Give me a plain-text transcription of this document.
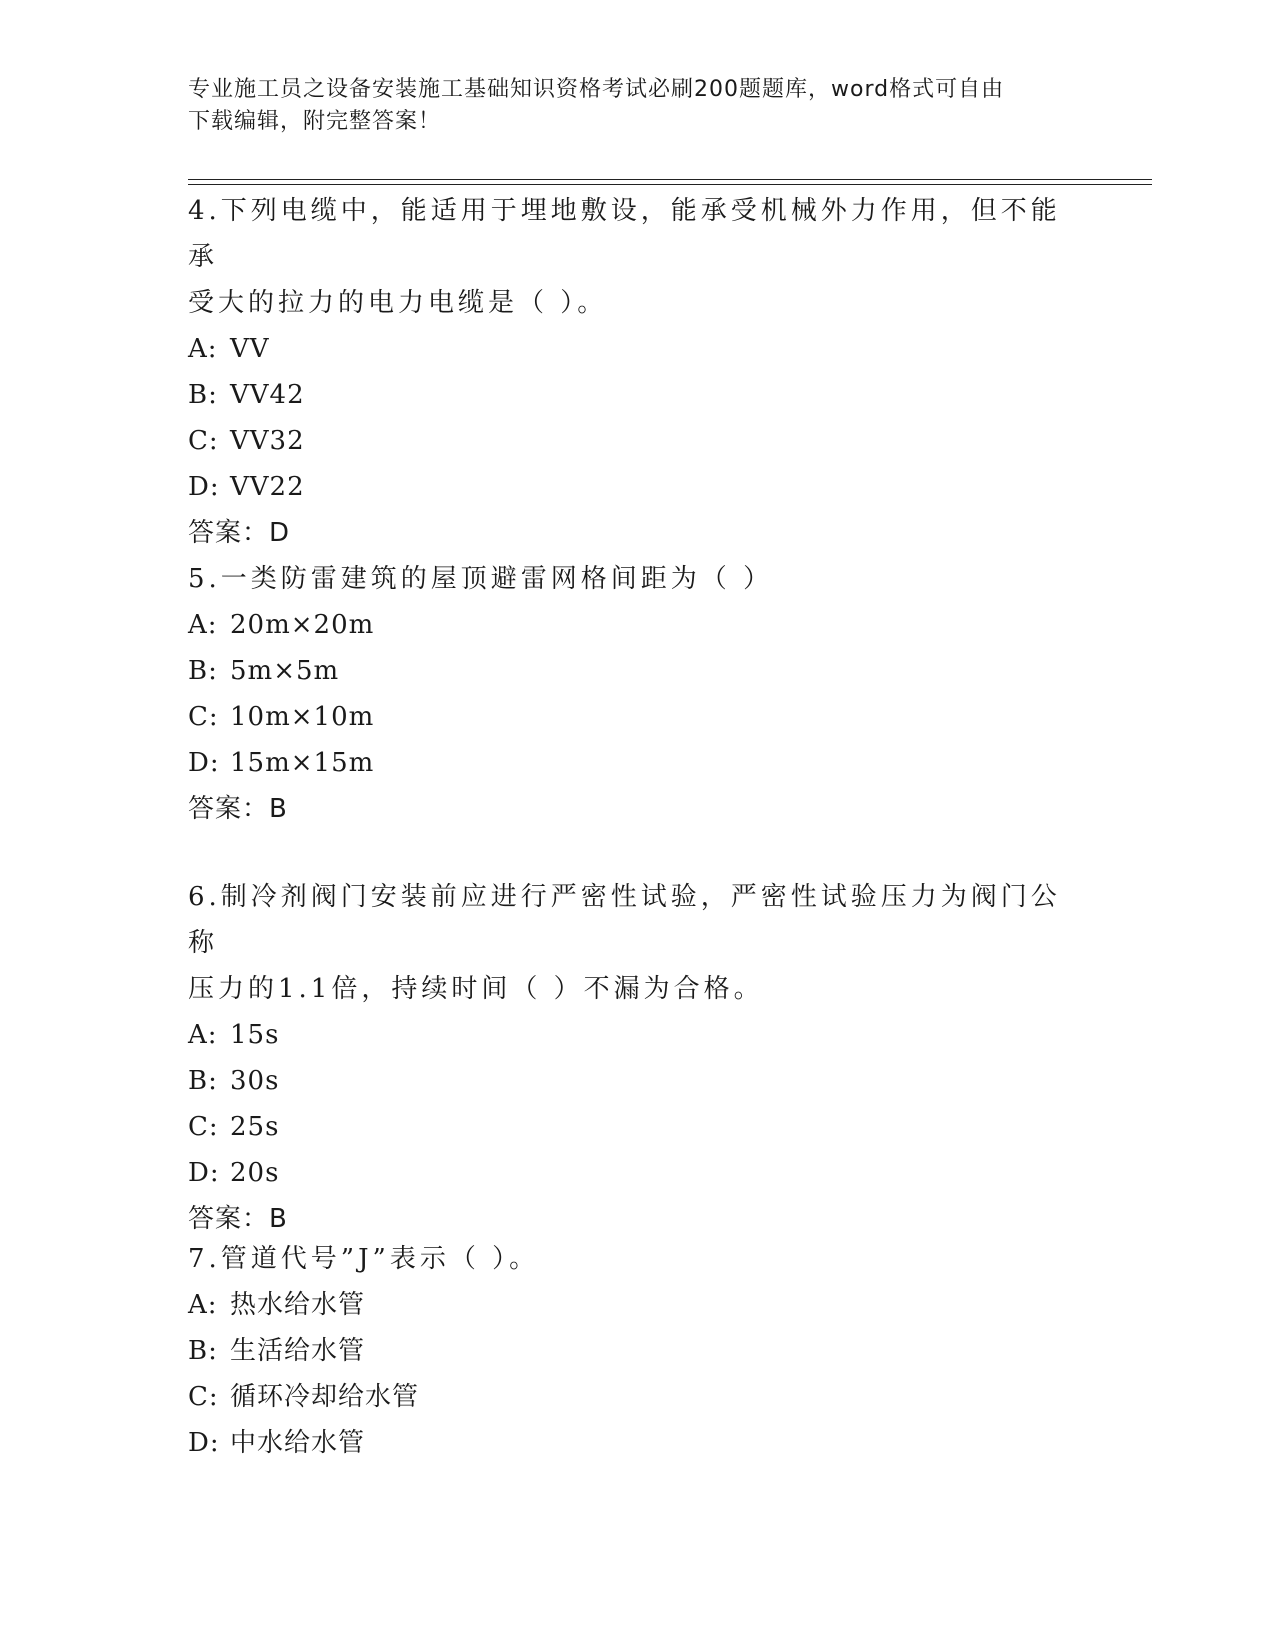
专业施工员之设备安装施工基础知识资格考试必刷200题题库，word格式可自由
下载编辑，附完整答案！

4.下列电缆中，能适用于埋地敷设，能承受机械外力作用，但不能承
受大的拉力的电力电缆是（ ）。

A: VV

B: VV42

C: VV32

D: VV22

答案：D

5.一类防雷建筑的屋顶避雷网格间距为（ ）

A: 20m×20m

B: 5m×5m

C: 10m×10m

D: 15m×15m

答案：B

6.制冷剂阀门安装前应进行严密性试验，严密性试验压力为阀门公称
压力的1.1倍，持续时间（ ）不漏为合格。

A: 15s

B: 30s

C: 25s

D: 20s

答案：B

7.管道代号”J”表示（ ）。

A: 热水给水管

B: 生活给水管

C: 循环冷却给水管

D: 中水给水管
